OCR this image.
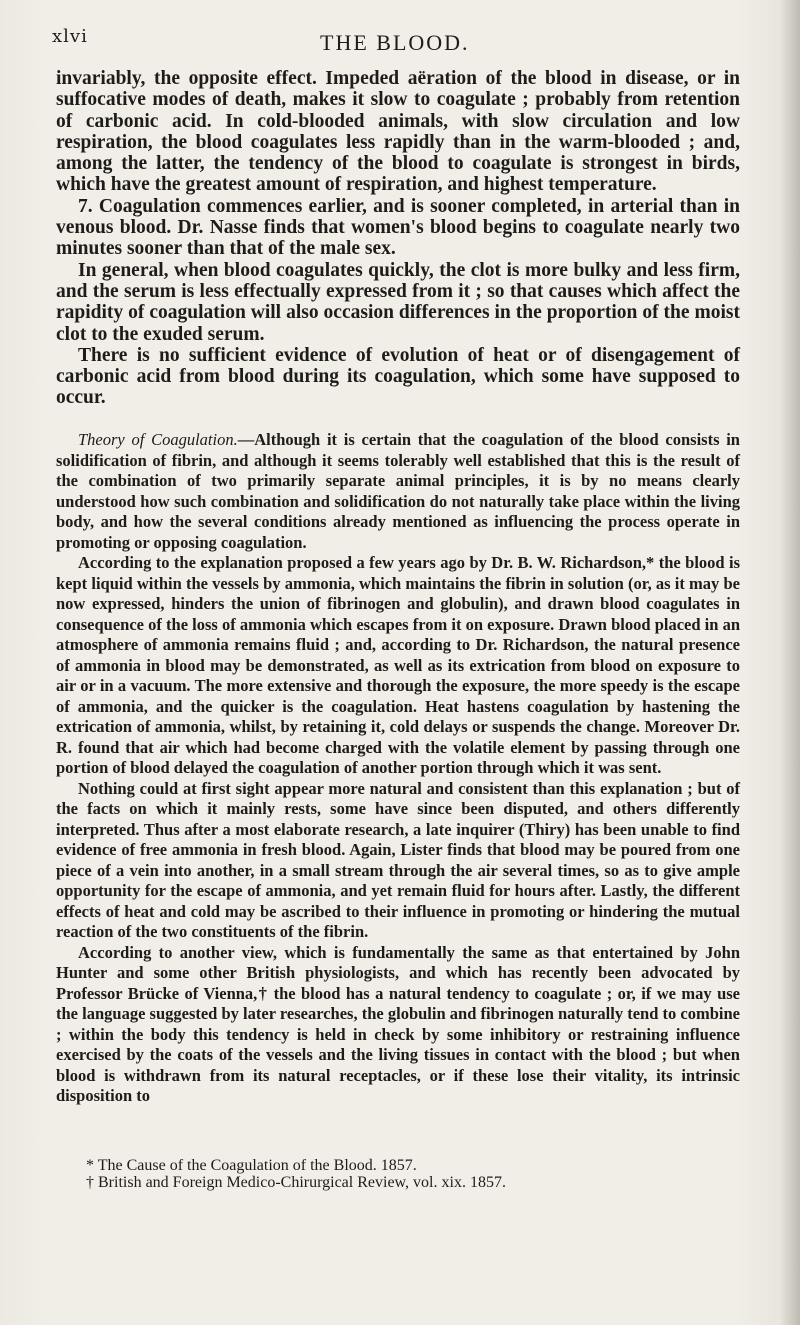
xlvi	THE BLOOD.

invariably, the opposite effect. Impeded aëration of the blood in disease, or in suffocative modes of death, makes it slow to coagulate ; probably from retention of carbonic acid. In cold-blooded animals, with slow circulation and low respiration, the blood coagulates less rapidly than in the warm-blooded ; and, among the latter, the tendency of the blood to coagulate is strongest in birds, which have the greatest amount of respiration, and highest temperature.

7. Coagulation commences earlier, and is sooner completed, in arterial than in venous blood. Dr. Nasse finds that women's blood begins to coagulate nearly two minutes sooner than that of the male sex.

In general, when blood coagulates quickly, the clot is more bulky and less firm, and the serum is less effectually expressed from it ; so that causes which affect the rapidity of coagulation will also occasion differences in the proportion of the moist clot to the exuded serum.

There is no sufficient evidence of evolution of heat or of disengagement of carbonic acid from blood during its coagulation, which some have supposed to occur.

Theory of Coagulation.—Although it is certain that the coagulation of the blood consists in solidification of fibrin, and although it seems tolerably well established that this is the result of the combination of two primarily separate animal principles, it is by no means clearly understood how such combination and solidification do not naturally take place within the living body, and how the several conditions already mentioned as influencing the process operate in promoting or opposing coagulation.

According to the explanation proposed a few years ago by Dr. B. W. Richardson,* the blood is kept liquid within the vessels by ammonia, which maintains the fibrin in solution (or, as it may be now expressed, hinders the union of fibrinogen and globulin), and drawn blood coagulates in consequence of the loss of ammonia which escapes from it on exposure. Drawn blood placed in an atmosphere of ammonia remains fluid ; and, according to Dr. Richardson, the natural presence of ammonia in blood may be demonstrated, as well as its extrication from blood on exposure to air or in a vacuum. The more extensive and thorough the exposure, the more speedy is the escape of ammonia, and the quicker is the coagulation. Heat hastens coagulation by hastening the extrication of ammonia, whilst, by retaining it, cold delays or suspends the change. Moreover Dr. R. found that air which had become charged with the volatile element by passing through one portion of blood delayed the coagulation of another portion through which it was sent.

Nothing could at first sight appear more natural and consistent than this explanation ; but of the facts on which it mainly rests, some have since been disputed, and others differently interpreted. Thus after a most elaborate research, a late inquirer (Thiry) has been unable to find evidence of free ammonia in fresh blood. Again, Lister finds that blood may be poured from one piece of a vein into another, in a small stream through the air several times, so as to give ample opportunity for the escape of ammonia, and yet remain fluid for hours after. Lastly, the different effects of heat and cold may be ascribed to their influence in promoting or hindering the mutual reaction of the two constituents of the fibrin.

According to another view, which is fundamentally the same as that entertained by John Hunter and some other British physiologists, and which has recently been advocated by Professor Brücke of Vienna,† the blood has a natural tendency to coagulate ; or, if we may use the language suggested by later researches, the globulin and fibrinogen naturally tend to combine ; within the body this tendency is held in check by some inhibitory or restraining influence exercised by the coats of the vessels and the living tissues in contact with the blood ; but when blood is withdrawn from its natural receptacles, or if these lose their vitality, its intrinsic disposition to

* The Cause of the Coagulation of the Blood. 1857.
† British and Foreign Medico-Chirurgical Review, vol. xix. 1857.
